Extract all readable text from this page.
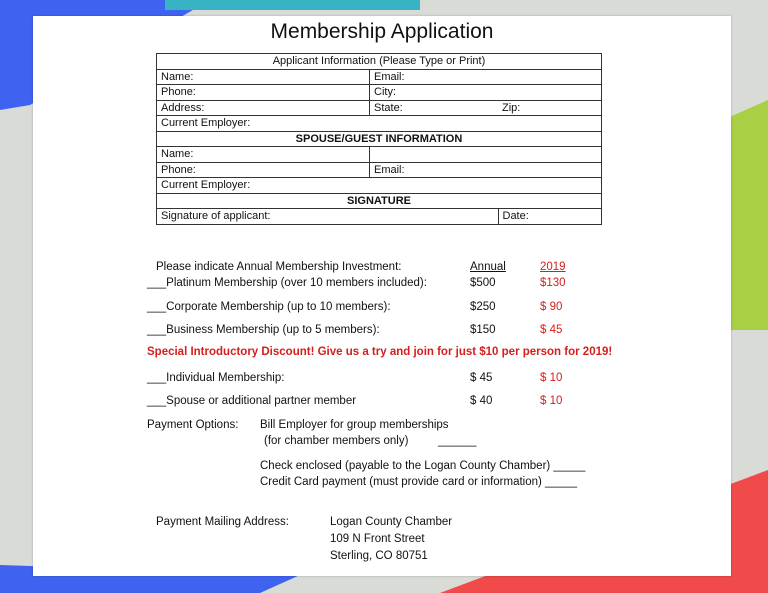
Membership Application
Applicant Information (Please Type or Print)		
Name:	Email:	
Phone:	City:	
Address:	State:	Zip:
Current Employer:		
SPOUSE/GUEST INFORMATION		
Name:		
Phone:	Email:	
Current Employer:		
SIGNATURE		
Signature of applicant:		Date:
Please indicate Annual Membership Investment:	Annual	2019
___Platinum Membership (over 10 members included):	$500	$130
___Corporate Membership (up to 10 members):	$250	$ 90
___Business Membership (up to 5 members):	$150	$ 45
Special Introductory Discount! Give us a try and join for just $10 per person for 2019!
___Individual Membership:	$ 45	$ 10
___Spouse or additional partner member	$ 40	$ 10
Payment Options: Bill Employer for group memberships
(for chamber members only)	______
Check enclosed (payable to the Logan County Chamber) _____
Credit Card payment (must provide card or information) _____
Payment Mailing Address:	Logan County Chamber
109 N Front Street
Sterling, CO 80751
